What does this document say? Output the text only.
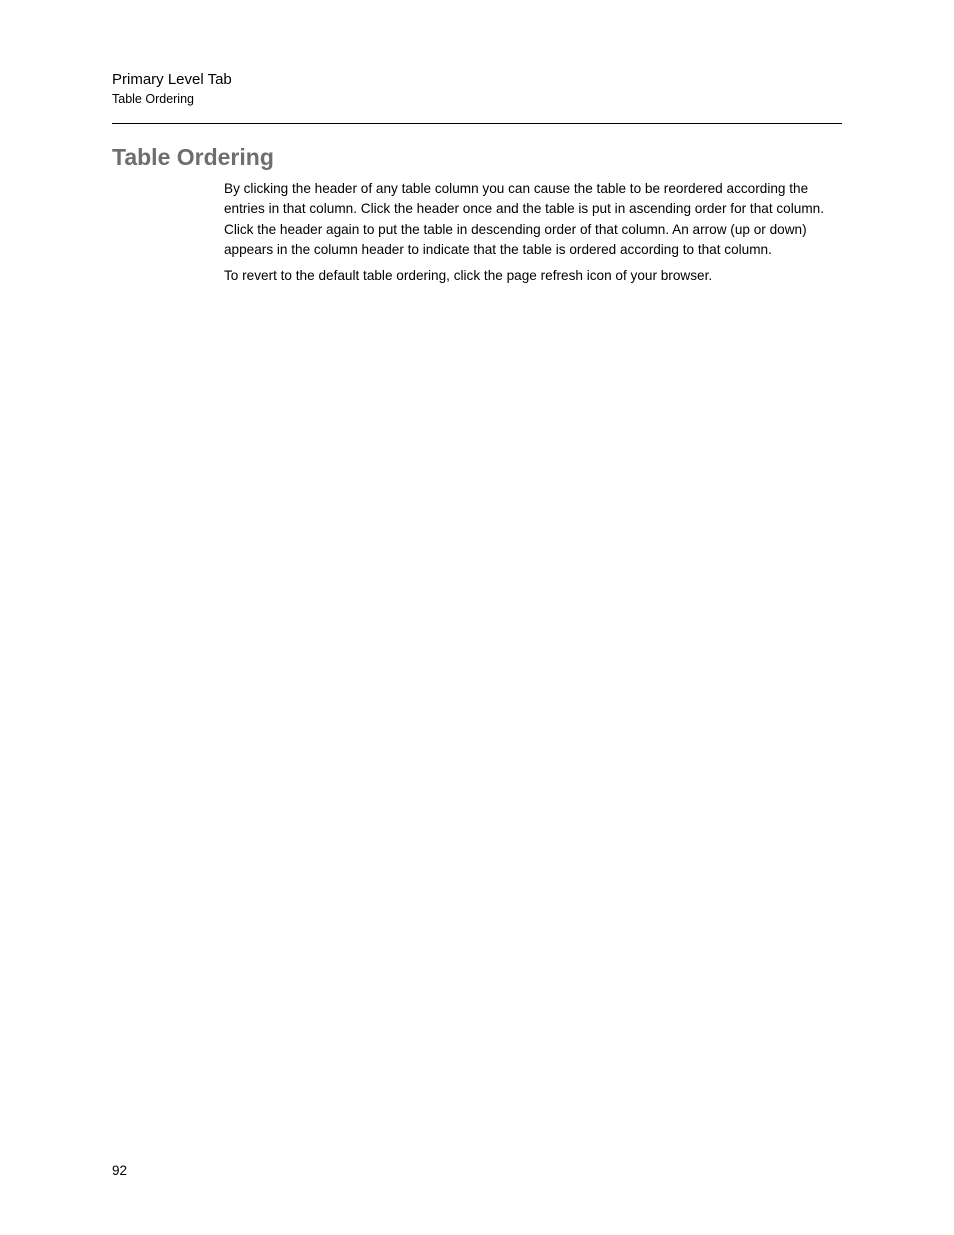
Primary Level Tab
Table Ordering
Table Ordering

By clicking the header of any table column you can cause the table to be reordered according the entries in that column. Click the header once and the table is put in ascending order for that column. Click the header again to put the table in descending order of that column. An arrow (up or down) appears in the column header to indicate that the table is ordered according to that column.

To revert to the default table ordering, click the page refresh icon of your browser.

92
